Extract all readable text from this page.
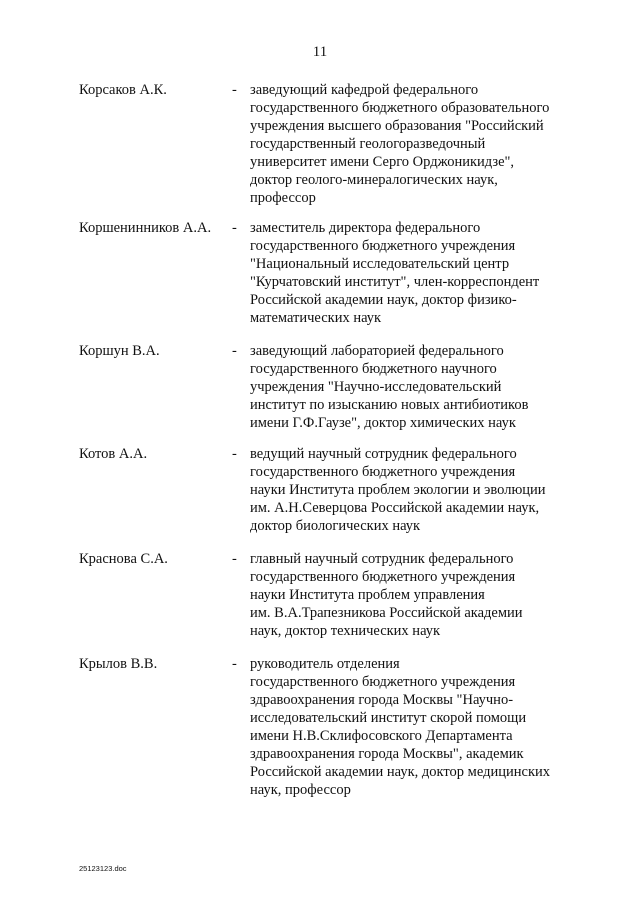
11
Корсаков А.К.	- заведующий кафедрой федерального
государственного бюджетного образовательного
учреждения высшего образования "Российский
государственный геологоразведочный
университет имени Серго Орджоникидзе",
доктор геолого-минералогических наук,
профессор
Коршенинников А.А. - заместитель директора федерального
государственного бюджетного учреждения
"Национальный исследовательский центр
"Курчатовский институт", член-корреспондент
Российской академии наук, доктор физико-
математических наук
Коршун В.А.	- заведующий лабораторией федерального
государственного бюджетного научного
учреждения "Научно-исследовательский
институт по изысканию новых антибиотиков
имени Г.Ф.Гаузе", доктор химических наук
Котов А.А.	- ведущий научный сотрудник федерального
государственного бюджетного учреждения
науки Института проблем экологии и эволюции
им. А.Н.Северцова Российской академии наук,
доктор биологических наук
Краснова С.А.	- главный научный сотрудник федерального
государственного бюджетного учреждения
науки Института проблем управления
им. В.А.Трапезникова Российской академии
наук, доктор технических наук
Крылов В.В.	- руководитель отделения
государственного бюджетного учреждения
здравоохранения города Москвы "Научно-
исследовательский институт скорой помощи
имени Н.В.Склифосовского Департамента
здравоохранения города Москвы", академик
Российской академии наук, доктор медицинских
наук, профессор
25123123.doc
